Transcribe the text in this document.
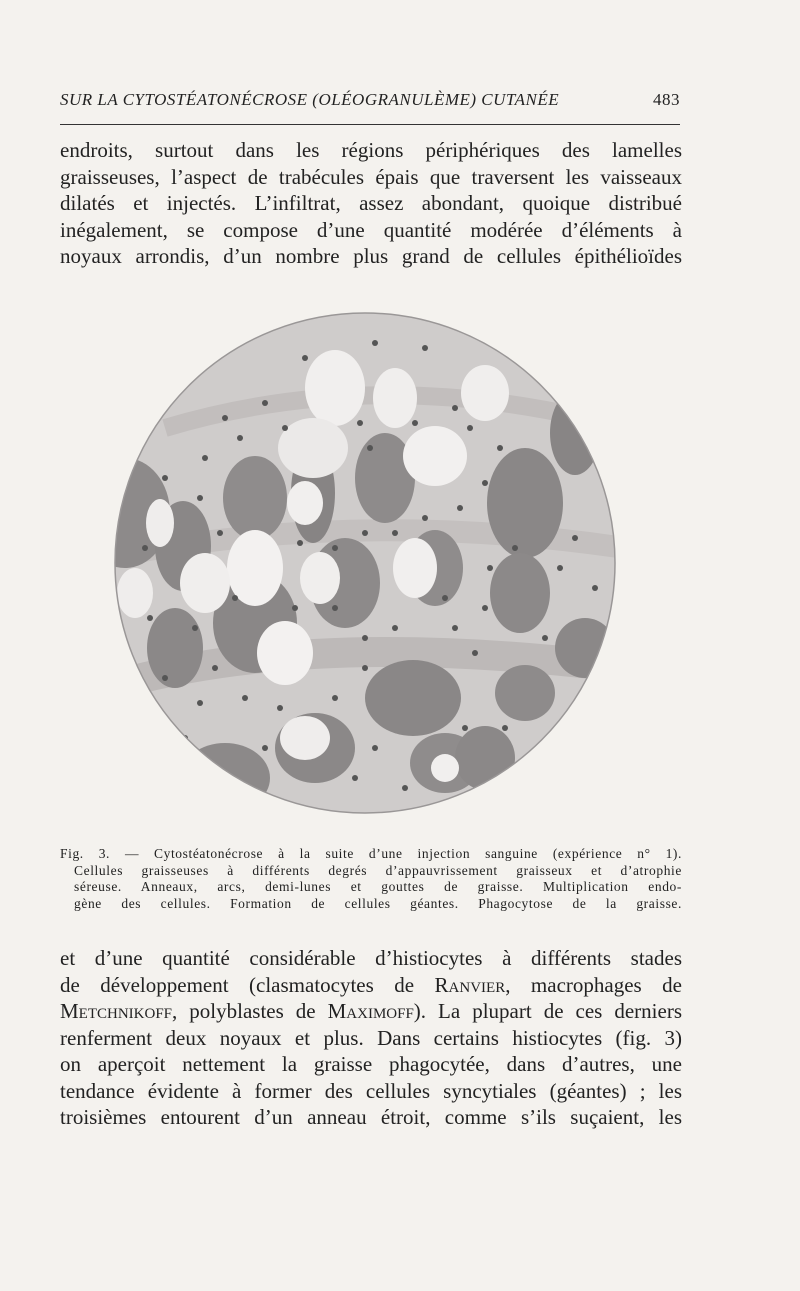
SUR LA CYTOSTÉATONÉCROSE (OLÉOGRANULÈME) CUTANÉE	483
endroits, surtout dans les régions périphériques des lamelles
graisseuses, l’aspect de trabécules épais que traversent les vaisseaux
dilatés et injectés. L’infiltrat, assez abondant, quoique distribué
inégalement, se compose d’une quantité modérée d’éléments à
noyaux arrondis, d’un nombre plus grand de cellules épithélioïdes
Fig. 3. — Cytostéatonécrose à la suite d’une injection sanguine (expérience n° 1).
Cellules graisseuses à différents degrés d’appauvrissement graisseux et d’atrophie
séreuse. Anneaux, arcs, demi-lunes et gouttes de graisse. Multiplication endo-
gène des cellules. Formation de cellules géantes. Phagocytose de la graisse.
et d’une quantité considérable d’histiocytes à différents stades
de développement (clasmatocytes de Ranvier, macrophages de
Metchnikoff, polyblastes de Maximoff). La plupart de ces derniers
renferment deux noyaux et plus. Dans certains histiocytes (fig. 3)
on aperçoit nettement la graisse phagocytée, dans d’autres, une
tendance évidente à former des cellules syncytiales (géantes) ; les
troisièmes entourent d’un anneau étroit, comme s’ils suçaient, les
